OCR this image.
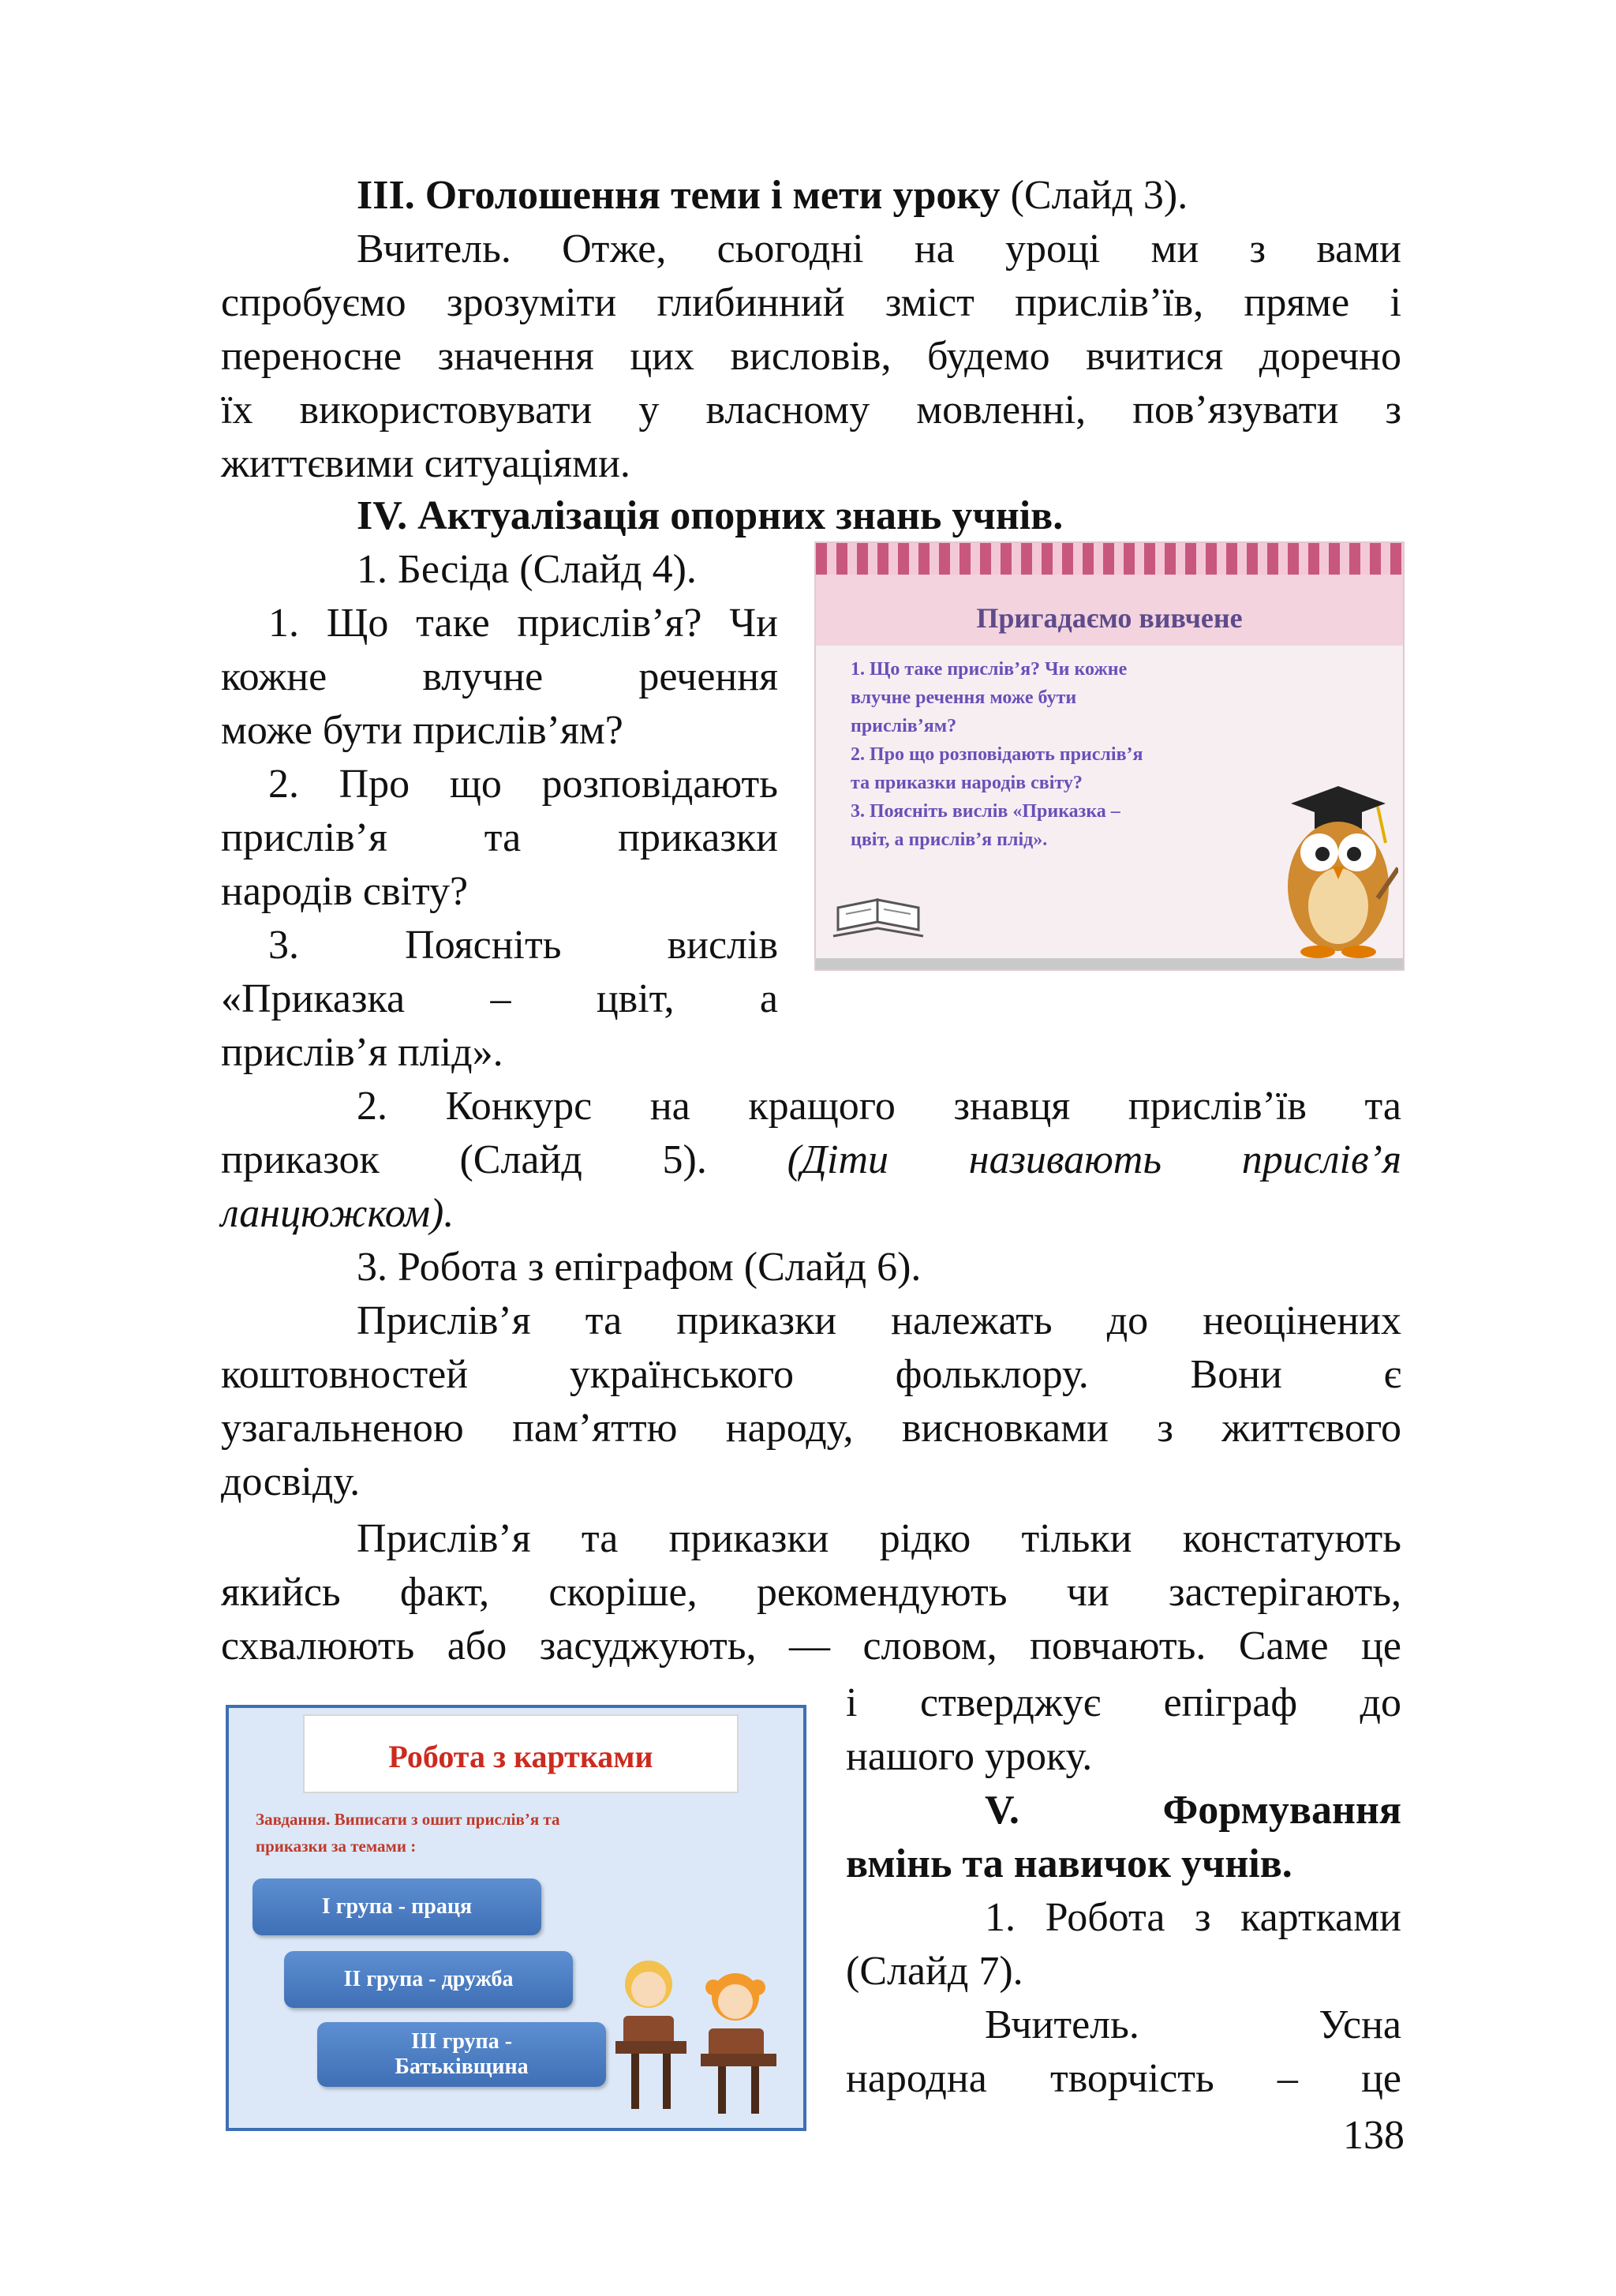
ІІІ. Оголошення теми і мети уроку (Слайд 3).
Вчитель. Отже, сьогодні на уроці ми з вами
спробуємо зрозуміти глибинний зміст прислів’їв, пряме і
переносне значення цих висловів, будемо вчитися доречно
їх використовувати у власному мовленні, пов’язувати з
життєвими ситуаціями.
IV. Актуалізація опорних знань учнів.
1. Бесіда (Слайд 4).
1. Що таке прислів’я? Чи
кожне влучне речення
може бути прислів’ям?
2. Про що розповідають
прислів’я та приказки
народів світу?
3. Поясніть вислів
«Приказка – цвіт, а
прислів’я плід».
Пригадаємо вивчене
1. Що таке прислів’я? Чи кожне
влучне речення може бути
прислів’ям?
2. Про що розповідають прислів’я
та приказки народів світу?
3. Поясніть вислів «Приказка –
цвіт, а прислів’я плід».
2. Конкурс на кращого знавця прислів’їв та
приказок (Слайд 5). (Діти називають прислів’я
ланцюжком).
3. Робота з епіграфом (Слайд 6).
Прислів’я та приказки належать до неоцінених
коштовностей українського фольклору. Вони є
узагальненою пам’яттю народу, висновками з життєвого
досвіду.
Прислів’я та приказки рідко тільки констатують
якийсь факт, скоріше, рекомендують чи застерігають,
схвалюють або засуджують, — словом, повчають. Саме це
і стверджує епіграф до
нашого уроку.
V. Формування
вмінь та навичок учнів.
1. Робота з картками
(Слайд 7).
Вчитель. Усна
народна творчість – це
Робота з картками
Завдання. Виписати з ошит прислів’я та
приказки за темами :
І група - праця
ІІ група - дружба
ІІІ група -
Батьківщина
138
